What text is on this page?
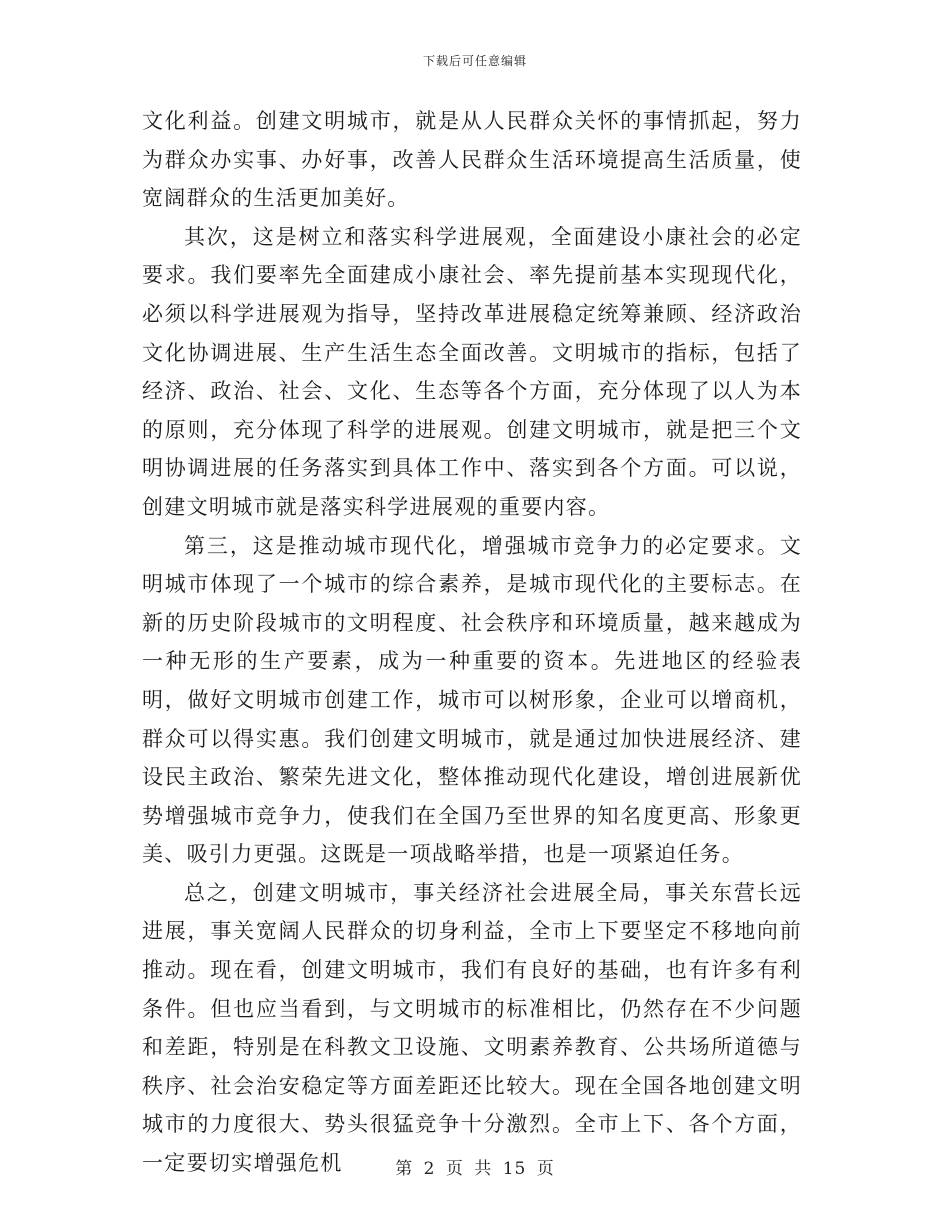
下载后可任意编辑

文化利益。创建文明城市，就是从人民群众关怀的事情抓起，努力为群众办实事、办好事，改善人民群众生活环境提高生活质量，使宽阔群众的生活更加美好。

其次，这是树立和落实科学进展观，全面建设小康社会的必定要求。我们要率先全面建成小康社会、率先提前基本实现现代化，必须以科学进展观为指导，坚持改革进展稳定统筹兼顾、经济政治文化协调进展、生产生活生态全面改善。文明城市的指标，包括了经济、政治、社会、文化、生态等各个方面，充分体现了以人为本的原则，充分体现了科学的进展观。创建文明城市，就是把三个文明协调进展的任务落实到具体工作中、落实到各个方面。可以说，创建文明城市就是落实科学进展观的重要内容。

第三，这是推动城市现代化，增强城市竞争力的必定要求。文明城市体现了一个城市的综合素养，是城市现代化的主要标志。在新的历史阶段城市的文明程度、社会秩序和环境质量，越来越成为一种无形的生产要素，成为一种重要的资本。先进地区的经验表明，做好文明城市创建工作，城市可以树形象，企业可以增商机，群众可以得实惠。我们创建文明城市，就是通过加快进展经济、建设民主政治、繁荣先进文化，整体推动现代化建设，增创进展新优势增强城市竞争力，使我们在全国乃至世界的知名度更高、形象更美、吸引力更强。这既是一项战略举措，也是一项紧迫任务。

总之，创建文明城市，事关经济社会进展全局，事关东营长远进展，事关宽阔人民群众的切身利益，全市上下要坚定不移地向前推动。现在看，创建文明城市，我们有良好的基础，也有许多有利条件。但也应当看到，与文明城市的标准相比，仍然存在不少问题和差距，特别是在科教文卫设施、文明素养教育、公共场所道德与秩序、社会治安稳定等方面差距还比较大。现在全国各地创建文明城市的力度很大、势头很猛竞争十分激烈。全市上下、各个方面，一定要切实增强危机	第 2 页 共 15 页
